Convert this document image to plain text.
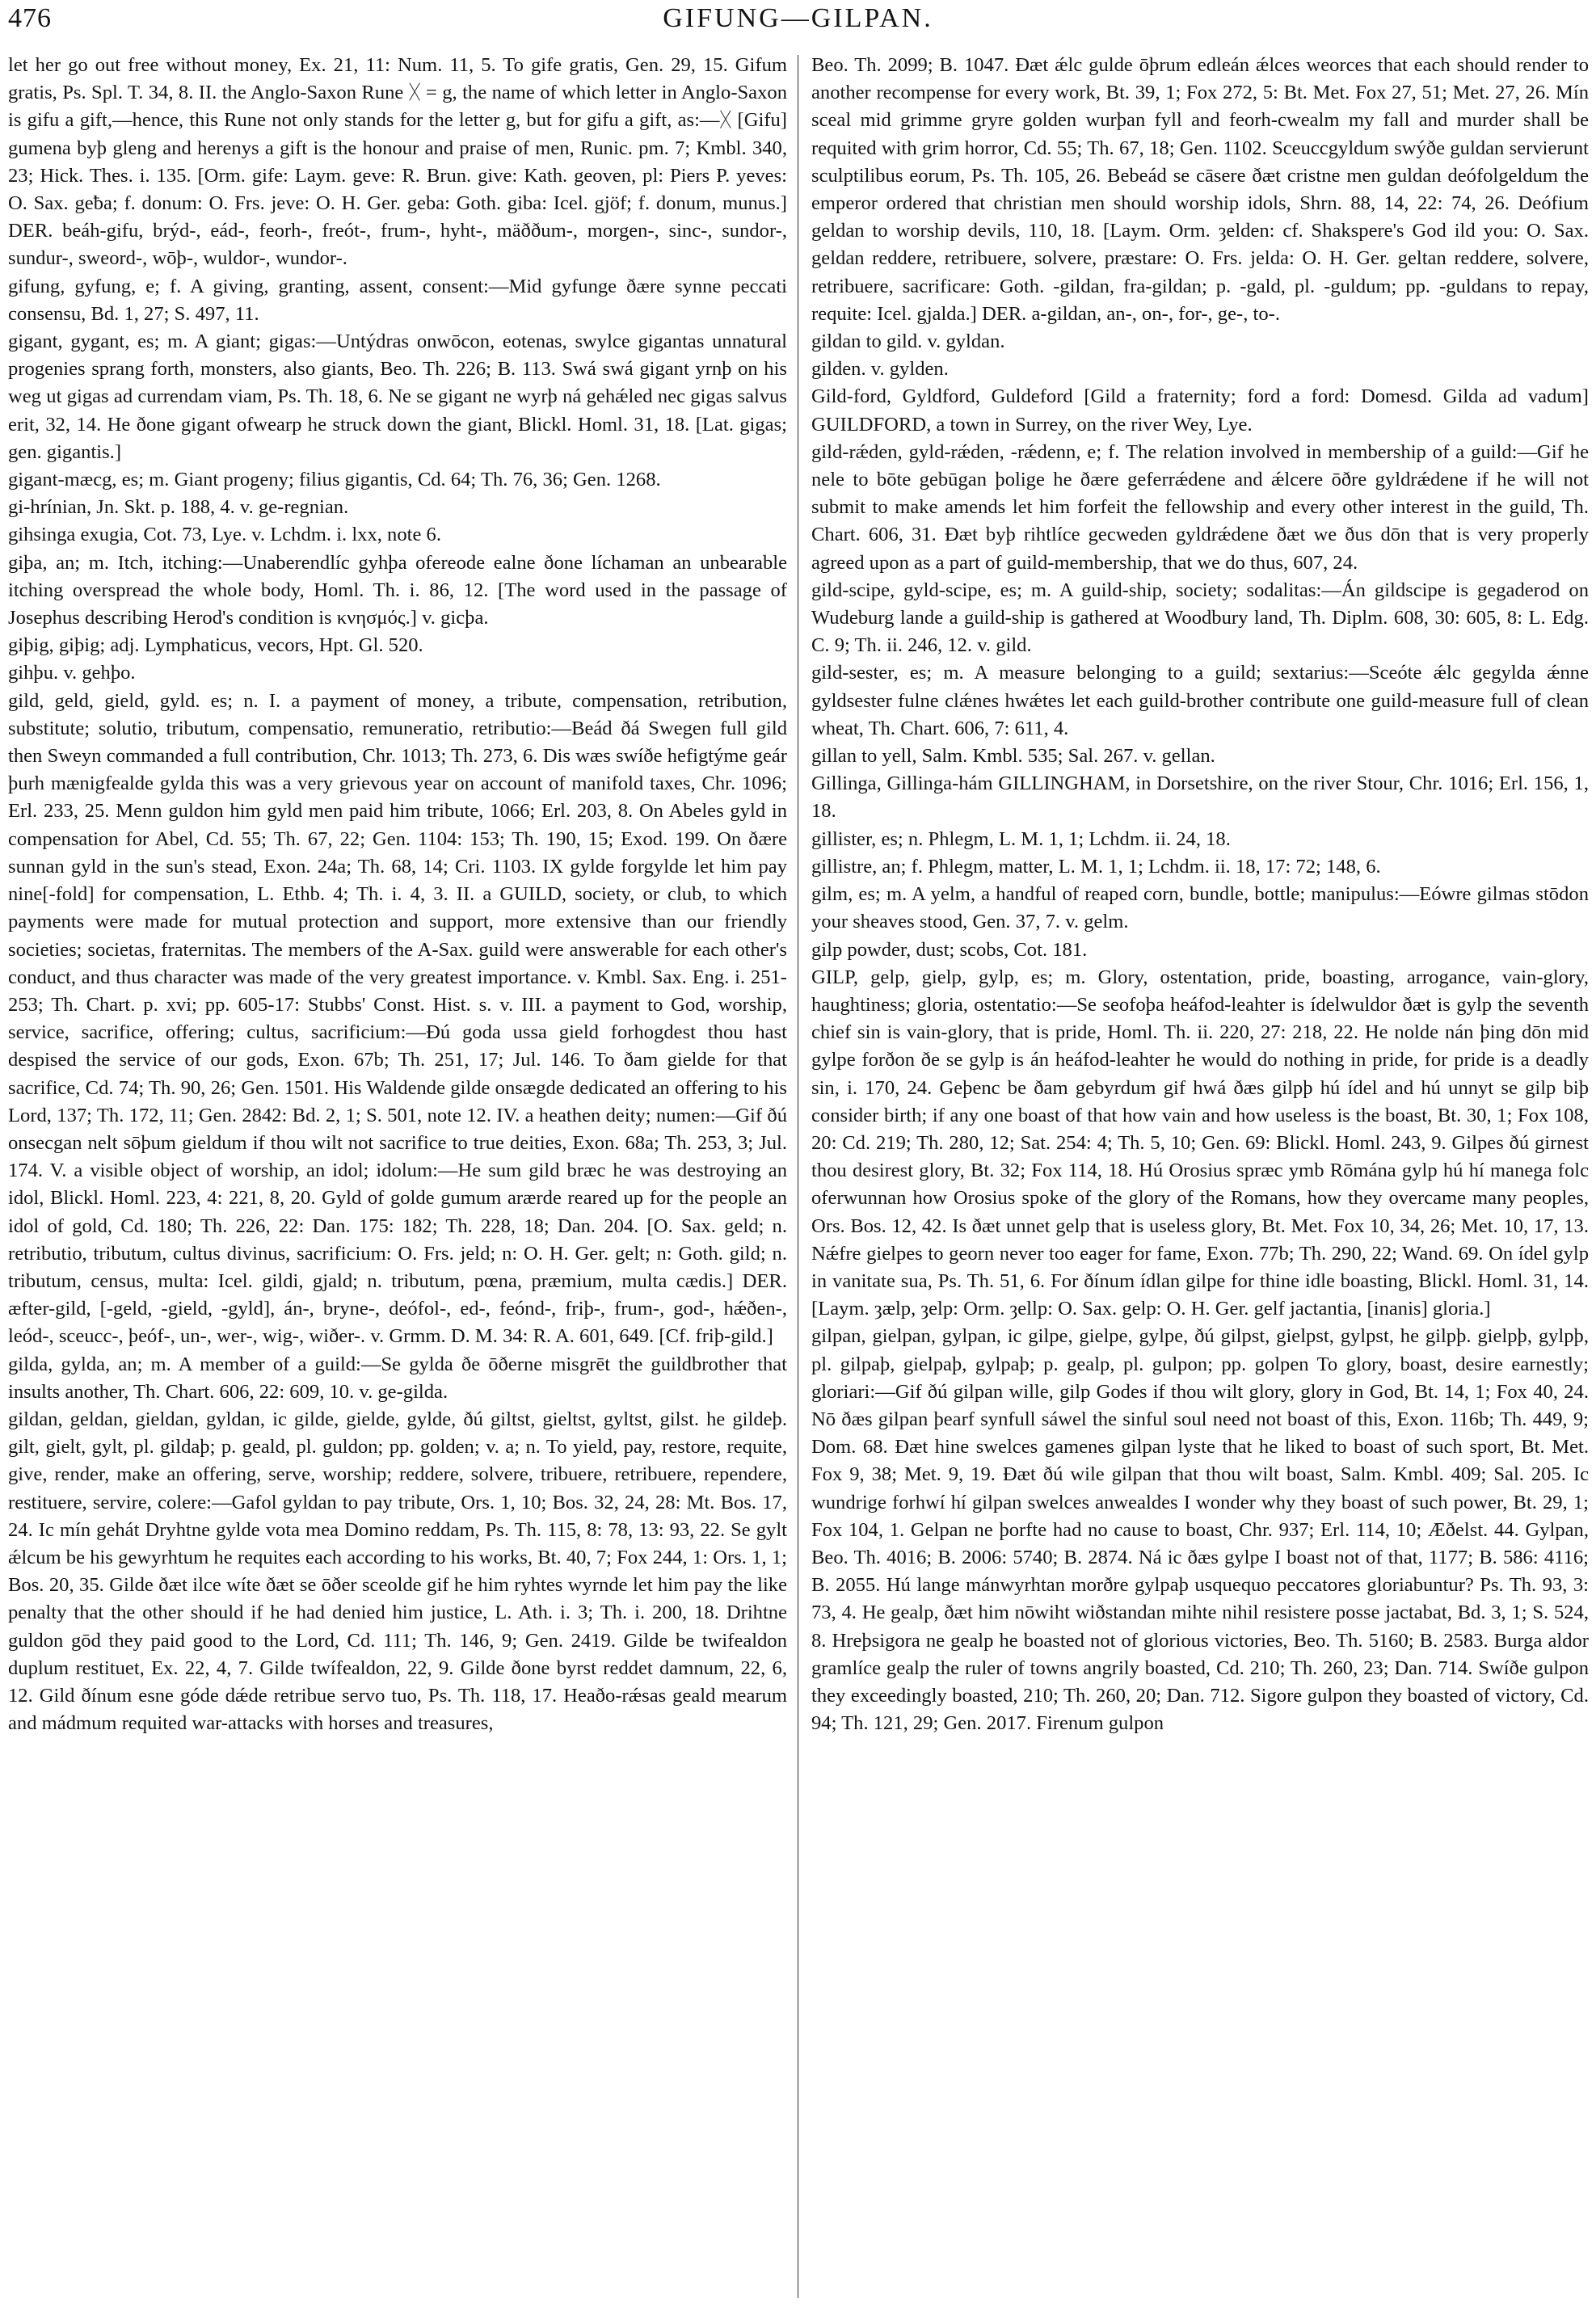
476	GIFUNG—GILPAN.

let her go out free without money, Ex. 21, 11: Num. 11, 5. To gife gratis, Gen. 29, 15. Gifum gratis, Ps. Spl. T. 34, 8. II. the Anglo-Saxon Rune ᚷ = g, the name of which letter in Anglo-Saxon is gifu a gift,—hence, this Rune not only stands for the letter g, but for gifu a gift, as:—ᚷ [Gifu] gumena byþ gleng and herenys a gift is the honour and praise of men, Runic. pm. 7; Kmbl. 340, 23; Hick. Thes. i. 135. [Orm. gife: Laym. geve: R. Brun. give: Kath. geoven, pl: Piers P. yeves: O. Sax. geƀa; f. donum: O. Frs. jeve: O. H. Ger. geba: Goth. giba: Icel. gjöf; f. donum, munus.] DER. beáh-gifu, brýd-, eád-, feorh-, freót-, frum-, hyht-, mäððum-, morgen-, sinc-, sundor-, sundur-, sweord-, wōþ-, wuldor-, wundor-.

gifung, gyfung, e; f. A giving, granting, assent, consent:—Mid gyfunge ðære synne peccati consensu, Bd. 1, 27; S. 497, 11.

gigant, gygant, es; m. A giant; gigas:—Untýdras onwōcon, eotenas, swylce gigantas unnatural progenies sprang forth, monsters, also giants, Beo. Th. 226; B. 113. Swá swá gigant yrnþ on his weg ut gigas ad currendam viam, Ps. Th. 18, 6. Ne se gigant ne wyrþ ná gehǽled nec gigas salvus erit, 32, 14. He ðone gigant ofwearp he struck down the giant, Blickl. Homl. 31, 18. [Lat. gigas; gen. gigantis.]

gigant-mæcg, es; m. Giant progeny; filius gigantis, Cd. 64; Th. 76, 36; Gen. 1268.

gi-hrínian, Jn. Skt. p. 188, 4. v. ge-regnian.

gihsinga exugia, Cot. 73, Lye. v. Lchdm. i. lxx, note 6.

giþa, an; m. Itch, itching:—Unaberendlíc gyhþa ofereode ealne ðone líchaman an unbearable itching overspread the whole body, Homl. Th. i. 86, 12. [The word used in the passage of Josephus describing Herod's condition is κνησμός.] v. gicþa.

giþig, giþig; adj. Lymphaticus, vecors, Hpt. Gl. 520.

gihþu. v. gehþo.

gild, geld, gield, gyld. es; n. I. a payment of money, a tribute, compensation, retribution, substitute; solutio, tributum, compensatio, remuneratio, retributio:—Beád ðá Swegen full gild then Sweyn commanded a full contribution, Chr. 1013; Th. 273, 6. Dis wæs swíðe hefigtýme geár þurh mænigfealde gylda this was a very grievous year on account of manifold taxes, Chr. 1096; Erl. 233, 25. Menn guldon him gyld men paid him tribute, 1066; Erl. 203, 8. On Abeles gyld in compensation for Abel, Cd. 55; Th. 67, 22; Gen. 1104: 153; Th. 190, 15; Exod. 199. On ðære sunnan gyld in the sun's stead, Exon. 24a; Th. 68, 14; Cri. 1103. IX gylde forgylde let him pay nine[-fold] for compensation, L. Ethb. 4; Th. i. 4, 3. II. a GUILD, society, or club, to which payments were made for mutual protection and support, more extensive than our friendly societies; societas, fraternitas. The members of the A-Sax. guild were answerable for each other's conduct, and thus character was made of the very greatest importance. v. Kmbl. Sax. Eng. i. 251-253; Th. Chart. p. xvi; pp. 605-17: Stubbs' Const. Hist. s. v. III. a payment to God, worship, service, sacrifice, offering; cultus, sacrificium:—Ðú goda ussa gield forhogdest thou hast despised the service of our gods, Exon. 67b; Th. 251, 17; Jul. 146. To ðam gielde for that sacrifice, Cd. 74; Th. 90, 26; Gen. 1501. His Waldende gilde onsægde dedicated an offering to his Lord, 137; Th. 172, 11; Gen. 2842: Bd. 2, 1; S. 501, note 12. IV. a heathen deity; numen:—Gif ðú onsecgan nelt sōþum gieldum if thou wilt not sacrifice to true deities, Exon. 68a; Th. 253, 3; Jul. 174. V. a visible object of worship, an idol; idolum:—He sum gild bræc he was destroying an idol, Blickl. Homl. 223, 4: 221, 8, 20. Gyld of golde gumum arærde reared up for the people an idol of gold, Cd. 180; Th. 226, 22: Dan. 175: 182; Th. 228, 18; Dan. 204. [O. Sax. geld; n. retributio, tributum, cultus divinus, sacrificium: O. Frs. jeld; n: O. H. Ger. gelt; n: Goth. gild; n. tributum, census, multa: Icel. gildi, gjald; n. tributum, pœna, præmium, multa cædis.] DER. æfter-gild, [-geld, -gield, -gyld], án-, bryne-, deófol-, ed-, feónd-, friþ-, frum-, god-, hǽðen-, leód-, sceucc-, þeóf-, un-, wer-, wig-, wiðer-. v. Grmm. D. M. 34: R. A. 601, 649. [Cf. friþ-gild.]

gilda, gylda, an; m. A member of a guild:—Se gylda ðe ōðerne misgrēt the guildbrother that insults another, Th. Chart. 606, 22: 609, 10. v. ge-gilda.

gildan, geldan, gieldan, gyldan, ic gilde, gielde, gylde, ðú giltst, gieltst, gyltst, gilst. he gildeþ. gilt, gielt, gylt, pl. gildaþ; p. geald, pl. guldon; pp. golden; v. a; n. To yield, pay, restore, requite, give, render, make an offering, serve, worship; reddere, solvere, tribuere, retribuere, rependere, restituere, servire, colere:—Gafol gyldan to pay tribute, Ors. 1, 10; Bos. 32, 24, 28: Mt. Bos. 17, 24. Ic mín gehát Dryhtne gylde vota mea Domino reddam, Ps. Th. 115, 8: 78, 13: 93, 22. Se gylt ǽlcum be his gewyrhtum he requites each according to his works, Bt. 40, 7; Fox 244, 1: Ors. 1, 1; Bos. 20, 35. Gilde ðæt ilce wíte ðæt se ōðer sceolde gif he him ryhtes wyrnde let him pay the like penalty that the other should if he had denied him justice, L. Ath. i. 3; Th. i. 200, 18. Drihtne guldon gōd they paid good to the Lord, Cd. 111; Th. 146, 9; Gen. 2419. Gilde be twifealdon duplum restituet, Ex. 22, 4, 7. Gilde twífealdon, 22, 9. Gilde ðone byrst reddet damnum, 22, 6, 12. Gild ðínum esne góde dǽde retribue servo tuo, Ps. Th. 118, 17. Heaðo-rǽsas geald mearum and mádmum requited war-attacks with horses and treasures,

Beo. Th. 2099; B. 1047. Ðæt ǽlc gulde ōþrum edleán ǽlces weorces that each should render to another recompense for every work, Bt. 39, 1; Fox 272, 5: Bt. Met. Fox 27, 51; Met. 27, 26. Mín sceal mid grimme gryre golden wurþan fyll and feorh-cwealm my fall and murder shall be requited with grim horror, Cd. 55; Th. 67, 18; Gen. 1102. Sceuccgyldum swýðe guldan servierunt sculptilibus eorum, Ps. Th. 105, 26. Bebeád se cāsere ðæt cristne men guldan deófolgeldum the emperor ordered that christian men should worship idols, Shrn. 88, 14, 22: 74, 26. Deófium geldan to worship devils, 110, 18. [Laym. Orm. ȝelden: cf. Shakspere's God ild you: O. Sax. geldan reddere, retribuere, solvere, præstare: O. Frs. jelda: O. H. Ger. geltan reddere, solvere, retribuere, sacrificare: Goth. -gildan, fra-gildan; p. -gald, pl. -guldum; pp. -guldans to repay, requite: Icel. gjalda.] DER. a-gildan, an-, on-, for-, ge-, to-.

gildan to gild. v. gyldan.

gilden. v. gylden.

Gild-ford, Gyldford, Guldeford [Gild a fraternity; ford a ford: Domesd. Gilda ad vadum] GUILDFORD, a town in Surrey, on the river Wey, Lye.

gild-rǽden, gyld-rǽden, -rǽdenn, e; f. The relation involved in membership of a guild:—Gif he nele to bōte gebūgan þolige he ðære geferrǽdene and ǽlcere ōðre gyldrǽdene if he will not submit to make amends let him forfeit the fellowship and every other interest in the guild, Th. Chart. 606, 31. Ðæt byþ rihtlíce gecweden gyldrǽdene ðæt we ðus dōn that is very properly agreed upon as a part of guild-membership, that we do thus, 607, 24.

gild-scipe, gyld-scipe, es; m. A guild-ship, society; sodalitas:—Án gildscipe is gegaderod on Wudeburg lande a guild-ship is gathered at Woodbury land, Th. Diplm. 608, 30: 605, 8: L. Edg. C. 9; Th. ii. 246, 12. v. gild.

gild-sester, es; m. A measure belonging to a guild; sextarius:—Sceóte ǽlc gegylda ǽnne gyldsester fulne clǽnes hwǽtes let each guild-brother contribute one guild-measure full of clean wheat, Th. Chart. 606, 7: 611, 4.

gillan to yell, Salm. Kmbl. 535; Sal. 267. v. gellan.

Gillinga, Gillinga-hám GILLINGHAM, in Dorsetshire, on the river Stour, Chr. 1016; Erl. 156, 1, 18.

gillister, es; n. Phlegm, L. M. 1, 1; Lchdm. ii. 24, 18.

gillistre, an; f. Phlegm, matter, L. M. 1, 1; Lchdm. ii. 18, 17: 72; 148, 6.

gilm, es; m. A yelm, a handful of reaped corn, bundle, bottle; manipulus:—Eówre gilmas stōdon your sheaves stood, Gen. 37, 7. v. gelm.

gilp powder, dust; scobs, Cot. 181.

GILP, gelp, gielp, gylp, es; m. Glory, ostentation, pride, boasting, arrogance, vain-glory, haughtiness; gloria, ostentatio:—Se seofoþa heáfod-leahter is ídelwuldor ðæt is gylp the seventh chief sin is vain-glory, that is pride, Homl. Th. ii. 220, 27: 218, 22. He nolde nán þing dōn mid gylpe forðon ðe se gylp is án heáfod-leahter he would do nothing in pride, for pride is a deadly sin, i. 170, 24. Geþenc be ðam gebyrdum gif hwá ðæs gilpþ hú ídel and hú unnyt se gilp biþ consider birth; if any one boast of that how vain and how useless is the boast, Bt. 30, 1; Fox 108, 20: Cd. 219; Th. 280, 12; Sat. 254: 4; Th. 5, 10; Gen. 69: Blickl. Homl. 243, 9. Gilpes ðú girnest thou desirest glory, Bt. 32; Fox 114, 18. Hú Orosius spræc ymb Rōmána gylp hú hí manega folc oferwunnan how Orosius spoke of the glory of the Romans, how they overcame many peoples, Ors. Bos. 12, 42. Is ðæt unnet gelp that is useless glory, Bt. Met. Fox 10, 34, 26; Met. 10, 17, 13. Nǽfre gielpes to georn never too eager for fame, Exon. 77b; Th. 290, 22; Wand. 69. On ídel gylp in vanitate sua, Ps. Th. 51, 6. For ðínum ídlan gilpe for thine idle boasting, Blickl. Homl. 31, 14. [Laym. ȝælp, ȝelp: Orm. ȝellp: O. Sax. gelp: O. H. Ger. gelf jactantia, [inanis] gloria.]

gilpan, gielpan, gylpan, ic gilpe, gielpe, gylpe, ðú gilpst, gielpst, gylpst, he gilpþ. gielpþ, gylpþ, pl. gilpaþ, gielpaþ, gylpaþ; p. gealp, pl. gulpon; pp. golpen To glory, boast, desire earnestly; gloriari:—Gif ðú gilpan wille, gilp Godes if thou wilt glory, glory in God, Bt. 14, 1; Fox 40, 24. Nō ðæs gilpan þearf synfull sáwel the sinful soul need not boast of this, Exon. 116b; Th. 449, 9; Dom. 68. Ðæt hine swelces gamenes gilpan lyste that he liked to boast of such sport, Bt. Met. Fox 9, 38; Met. 9, 19. Ðæt ðú wile gilpan that thou wilt boast, Salm. Kmbl. 409; Sal. 205. Ic wundrige forhwí hí gilpan swelces anwealdes I wonder why they boast of such power, Bt. 29, 1; Fox 104, 1. Gelpan ne þorfte had no cause to boast, Chr. 937; Erl. 114, 10; Æðelst. 44. Gylpan, Beo. Th. 4016; B. 2006: 5740; B. 2874. Ná ic ðæs gylpe I boast not of that, 1177; B. 586: 4116; B. 2055. Hú lange mánwyrhtan morðre gylpaþ usquequo peccatores gloriabuntur? Ps. Th. 93, 3: 73, 4. He gealp, ðæt him nōwiht wiðstandan mihte nihil resistere posse jactabat, Bd. 3, 1; S. 524, 8. Hreþsigora ne gealp he boasted not of glorious victories, Beo. Th. 5160; B. 2583. Burga aldor gramlíce gealp the ruler of towns angrily boasted, Cd. 210; Th. 260, 23; Dan. 714. Swíðe gulpon they exceedingly boasted, 210; Th. 260, 20; Dan. 712. Sigore gulpon they boasted of victory, Cd. 94; Th. 121, 29; Gen. 2017. Firenum gulpon
